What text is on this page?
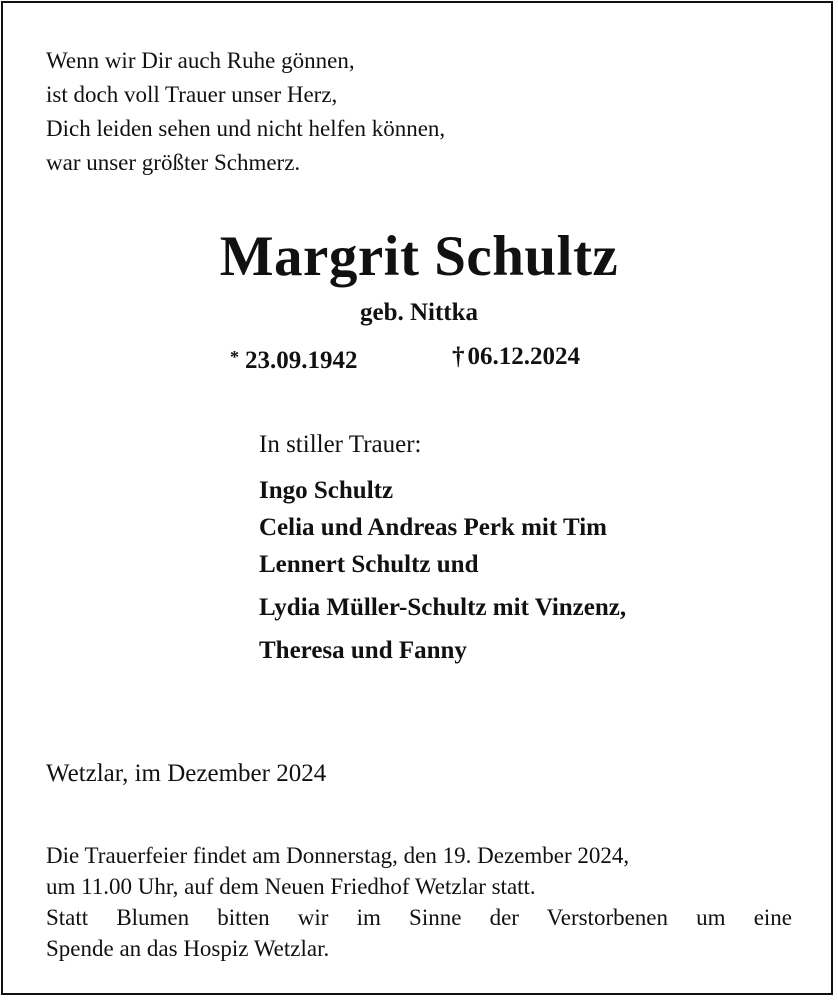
Wenn wir Dir auch Ruhe gönnen,
ist doch voll Trauer unser Herz,
Dich leiden sehen und nicht helfen können,
war unser größter Schmerz.
Margrit Schultz
geb. Nittka
* 23.09.1942	† 06.12.2024
In stiller Trauer:
Ingo Schultz
Celia und Andreas Perk mit Tim
Lennert Schultz und
Lydia Müller-Schultz mit Vinzenz,
Theresa und Fanny
Wetzlar, im Dezember 2024
Die Trauerfeier findet am Donnerstag, den 19. Dezember 2024,
um 11.00 Uhr, auf dem Neuen Friedhof Wetzlar statt.
Statt Blumen bitten wir im Sinne der Verstorbenen um eine
Spende an das Hospiz Wetzlar.
